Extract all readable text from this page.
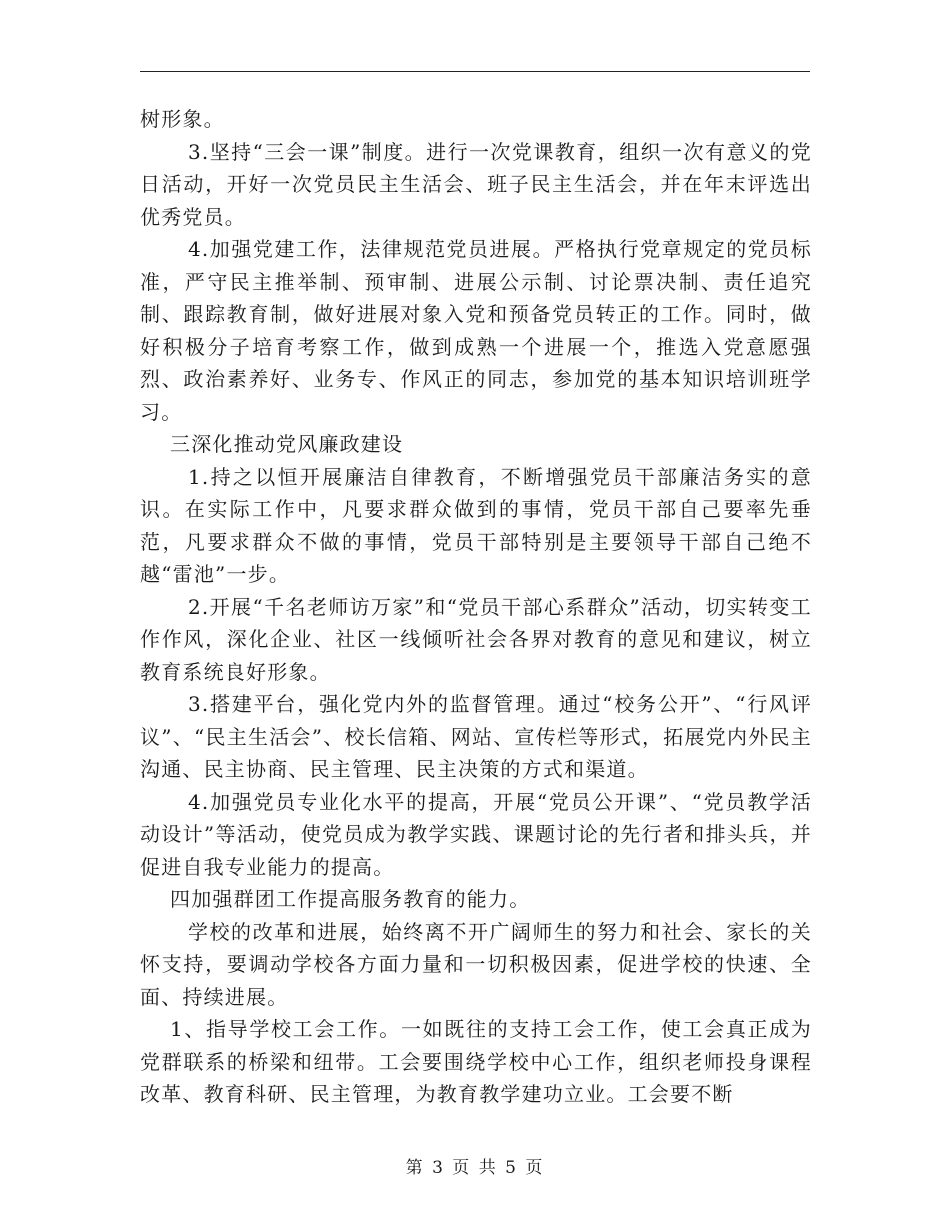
树形象。

3.坚持“三会一课”制度。进行一次党课教育，组织一次有意义的党日活动，开好一次党员民主生活会、班子民主生活会，并在年末评选出优秀党员。

4.加强党建工作，法律规范党员进展。严格执行党章规定的党员标准，严守民主推举制、预审制、进展公示制、讨论票决制、责任追究制、跟踪教育制，做好进展对象入党和预备党员转正的工作。同时，做好积极分子培育考察工作，做到成熟一个进展一个，推选入党意愿强烈、政治素养好、业务专、作风正的同志，参加党的基本知识培训班学习。

三深化推动党风廉政建设

1.持之以恒开展廉洁自律教育，不断增强党员干部廉洁务实的意识。在实际工作中，凡要求群众做到的事情，党员干部自己要率先垂范，凡要求群众不做的事情，党员干部特别是主要领导干部自己绝不越“雷池”一步。

2.开展“千名老师访万家”和“党员干部心系群众”活动，切实转变工作作风，深化企业、社区一线倾听社会各界对教育的意见和建议，树立教育系统良好形象。

3.搭建平台，强化党内外的监督管理。通过“校务公开”、“行风评议”、“民主生活会”、校长信箱、网站、宣传栏等形式，拓展党内外民主沟通、民主协商、民主管理、民主决策的方式和渠道。

4.加强党员专业化水平的提高，开展“党员公开课”、“党员教学活动设计”等活动，使党员成为教学实践、课题讨论的先行者和排头兵，并促进自我专业能力的提高。

四加强群团工作提高服务教育的能力。

学校的改革和进展，始终离不开广阔师生的努力和社会、家长的关怀支持，要调动学校各方面力量和一切积极因素，促进学校的快速、全面、持续进展。

1、指导学校工会工作。一如既往的支持工会工作，使工会真正成为党群联系的桥梁和纽带。工会要围绕学校中心工作，组织老师投身课程改革、教育科研、民主管理，为教育教学建功立业。工会要不断

第 3 页 共 5 页
